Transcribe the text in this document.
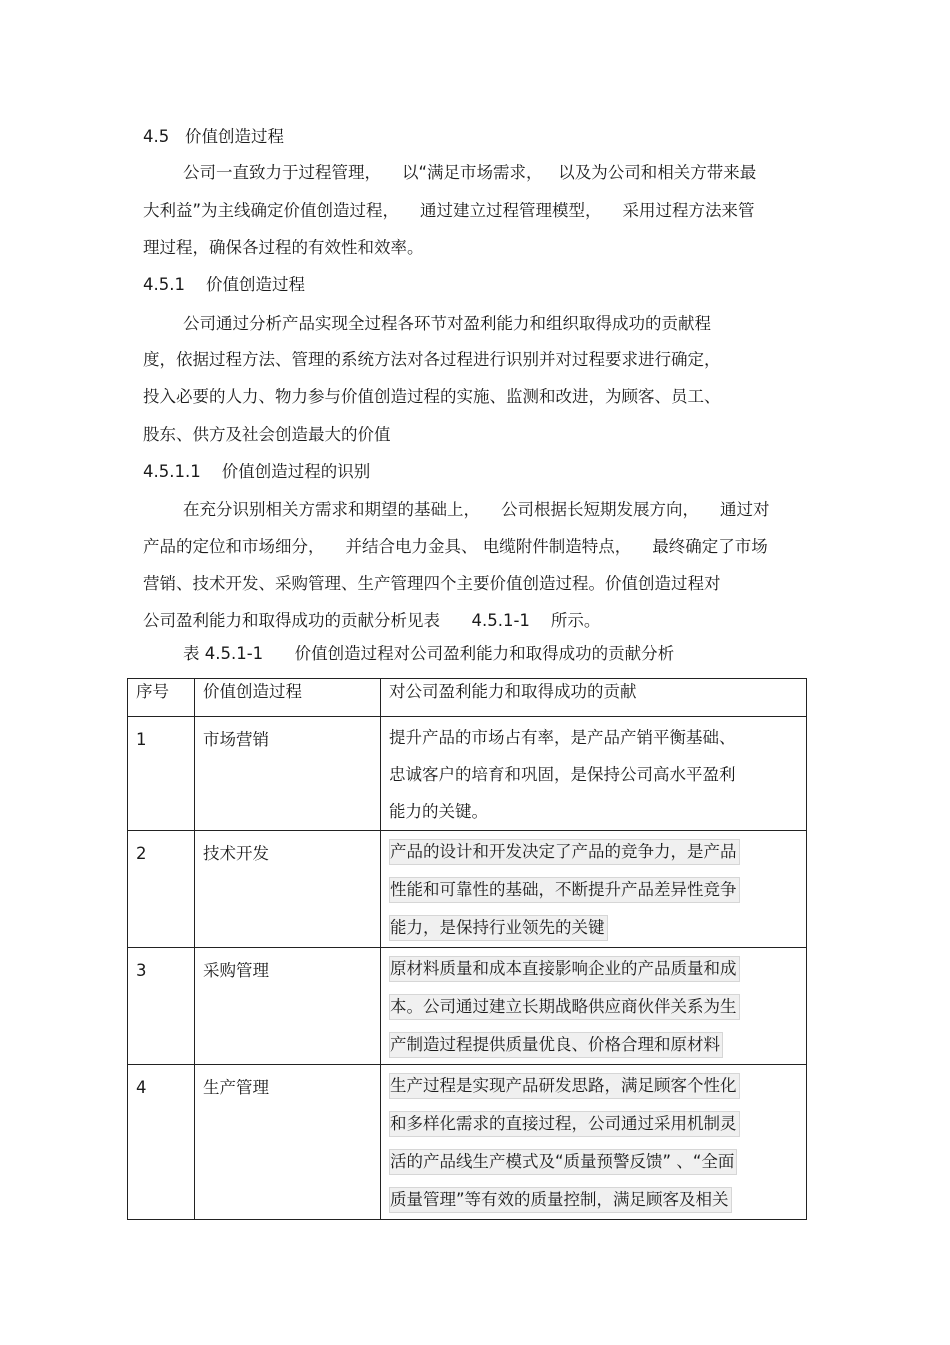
4.5   价值创造过程
公司一直致力于过程管理，    以“满足市场需求，   以及为公司和相关方带来最
大利益”为主线确定价值创造过程，    通过建立过程管理模型，    采用过程方法来管
理过程，确保各过程的有效性和效率。
4.5.1    价值创造过程
公司通过分析产品实现全过程各环节对盈利能力和组织取得成功的贡献程
度，依据过程方法、管理的系统方法对各过程进行识别并对过程要求进行确定，
投入必要的人力、物力参与价值创造过程的实施、监测和改进，为顾客、员工、
股东、供方及社会创造最大的价值
4.5.1.1    价值创造过程的识别
在充分识别相关方需求和期望的基础上，    公司根据长短期发展方向，    通过对
产品的定位和市场细分，    并结合电力金具、 电缆附件制造特点，    最终确定了市场
营销、技术开发、采购管理、生产管理四个主要价值创造过程。价值创造过程对
公司盈利能力和取得成功的贡献分析见表      4.5.1-1    所示。
表 4.5.1-1      价值创造过程对公司盈利能力和取得成功的贡献分析
序号	价值创造过程	对公司盈利能力和取得成功的贡献

1	市场营销	提升产品的市场占有率，是产品产销平衡基础、
忠诚客户的培育和巩固，是保持公司高水平盈利
能力的关键。

2	技术开发	产品的设计和开发决定了产品的竞争力，是产品
性能和可靠性的基础，不断提升产品差异性竞争
能力，是保持行业领先的关键

3	采购管理	原材料质量和成本直接影响企业的产品质量和成
本。公司通过建立长期战略供应商伙伴关系为生
产制造过程提供质量优良、价格合理和原材料

4	生产管理	生产过程是实现产品研发思路，满足顾客个性化
和多样化需求的直接过程，公司通过采用机制灵
活的产品线生产模式及“质量预警反馈” 、“全面
质量管理”等有效的质量控制，满足顾客及相关
